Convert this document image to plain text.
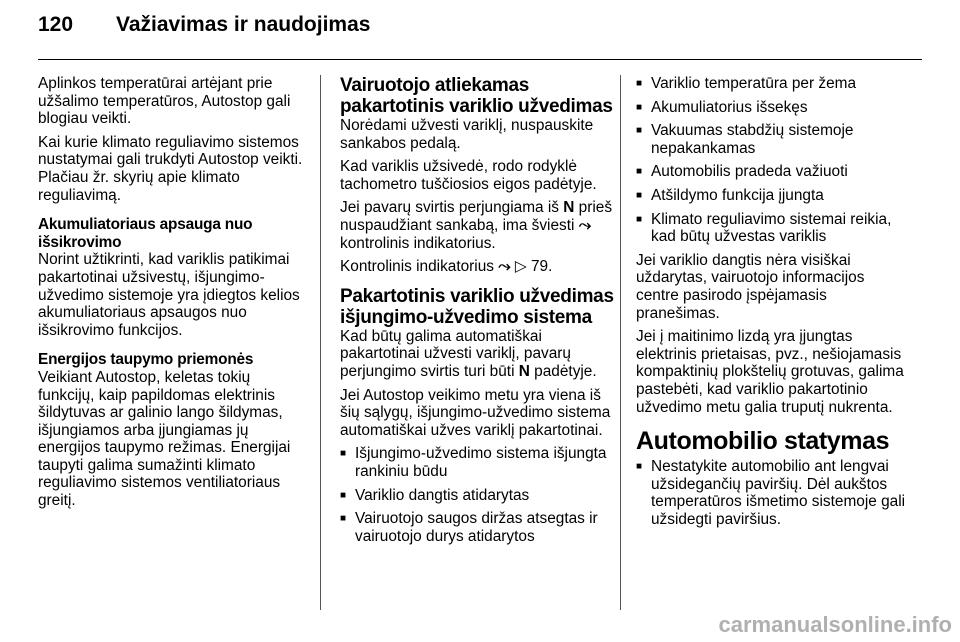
120 Važiavimas ir naudojimas

Aplinkos temperatūrai artėjant prie užšalimo temperatūros, Autostop gali blogiau veikti.

Kai kurie klimato reguliavimo sistemos nustatymai gali trukdyti Autostop veikti. Plačiau žr. skyrių apie klimato reguliavimą.

Akumuliatoriaus apsauga nuo išsikrovimo

Norint užtikrinti, kad variklis patikimai pakartotinai užsivestų, išjungimo-užvedimo sistemoje yra įdiegtos kelios akumuliatoriaus apsaugos nuo išsikrovimo funkcijos.

Energijos taupymo priemonės

Veikiant Autostop, keletas tokių funkcijų, kaip papildomas elektrinis šildytuvas ar galinio lango šildymas, išjungiamos arba įjungiamas jų energijos taupymo režimas. Energijai taupyti galima sumažinti klimato reguliavimo sistemos ventiliatoriaus greitį.

Vairuotojo atliekamas pakartotinis variklio užvedimas

Norėdami užvesti variklį, nuspauskite sankabos pedalą.

Kad variklis užsivedė, rodo rodyklė tachometro tuščiosios eigos padėtyje.

Jei pavarų svirtis perjungiama iš N prieš nuspaudžiant sankabą, ima šviesti ⤳ kontrolinis indikatorius.

Kontrolinis indikatorius ⤳ ▷ 79.

Pakartotinis variklio užvedimas išjungimo-užvedimo sistema

Kad būtų galima automatiškai pakartotinai užvesti variklį, pavarų perjungimo svirtis turi būti N padėtyje.

Jei Autostop veikimo metu yra viena iš šių sąlygų, išjungimo-užvedimo sistema automatiškai užves variklį pakartotinai.

■ Išjungimo-užvedimo sistema išjungta rankiniu būdu
■ Variklio dangtis atidarytas
■ Vairuotojo saugos diržas atsegtas ir vairuotojo durys atidarytos
■ Variklio temperatūra per žema
■ Akumuliatorius išsekęs
■ Vakuumas stabdžių sistemoje nepakankamas
■ Automobilis pradeda važiuoti
■ Atšildymo funkcija įjungta
■ Klimato reguliavimo sistemai reikia, kad būtų užvestas variklis

Jei variklio dangtis nėra visiškai uždarytas, vairuotojo informacijos centre pasirodo įspėjamasis pranešimas.

Jei į maitinimo lizdą yra įjungtas elektrinis prietaisas, pvz., nešiojamasis kompaktinių plokštelių grotuvas, galima pastebėti, kad variklio pakartotinio užvedimo metu galia truputį nukrenta.

Automobilio statymas

■ Nestatykite automobilio ant lengvai užsidegančių paviršių. Dėl aukštos temperatūros išmetimo sistemoje gali užsidegti paviršius.
carmanualsonline.info
